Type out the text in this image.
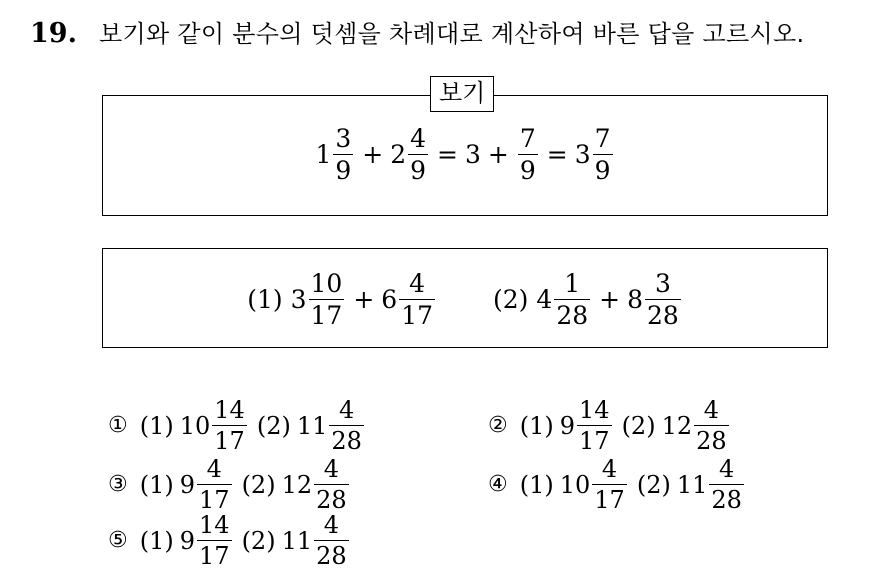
19. 보기와 같이 분수의 덧셈을 차례대로 계산하여 바른 답을 고르시오.
보기
$1 \frac{3}{9} + 2 \frac{4}{9} = 3 + \frac{7}{9} = 3 \frac{7}{9}$
(1) $3 \frac{10}{17} + 6 \frac{4}{17} (2)$ $4 \frac{1}{28} + 8 \frac{3}{28}$
① (1) $10 \frac{14}{17} (2)$ $11 \frac{4}{28}$	② (1) $9 \frac{14}{17} (2)$ $12 \frac{4}{28}$
③ (1) $9 \frac{4}{17} (2)$ $12 \frac{4}{28}$	④ (1) $10 \frac{4}{17} (2)$ $11 \frac{4}{28}$
⑤ (1) $9 \frac{14}{17} (2)$ $11 \frac{4}{28}$
